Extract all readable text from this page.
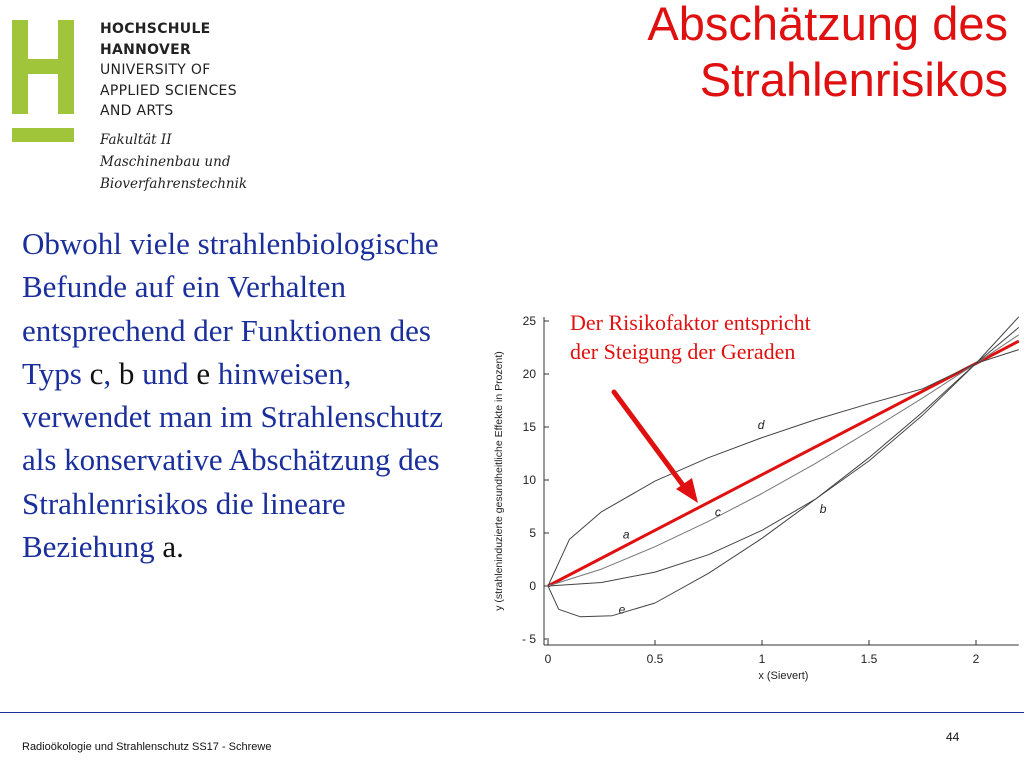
HOCHSCHULE
HANNOVER
UNIVERSITY OF
APPLIED SCIENCES
AND ARTS
Fakultät II
Maschinenbau und
Bioverfahrenstechnik
Abschätzung des
Strahlenrisikos
Obwohl viele strahlenbiologische Befunde auf ein Verhalten entsprechend der Funktionen des Typs c, b und e hinweisen, verwendet man im Strahlenschutz als konservative Abschätzung des Strahlenrisikos die lineare Beziehung a.
0	0.5	1	1.5	2
- 5
0
5
10
15
20
25
x (Sievert)
y (strahleninduzierte gesundheitliche Effekte in Prozent)	a
b
c
d
e
Der Risikofaktor entspricht
der Steigung der Geraden
Radioökologie und Strahlenschutz SS17 - Schrewe
44
